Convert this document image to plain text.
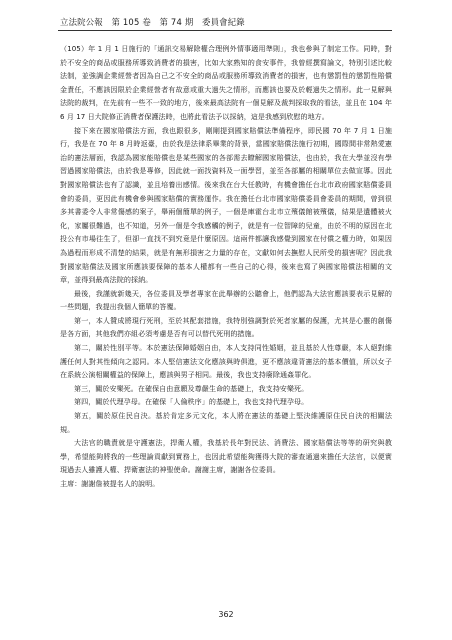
立法院公報　第 105 卷　第 74 期　委員會紀錄

（105）年 1 月 1 日施行的「通訊交易解除權合理例外情事適用準則」，我也參與了制定工作。同時，對於不安全的商品或服務所導致消費者的損害，比如大家熟知的食安事件，我曾經撰寫論文，特別引述比較法制，並強調企業經營者因為自己之不安全的商品或服務所導致消費者的損害，也有懲罰性的懲罰性賠償金責任，不應該因限於企業經營者有故意或重大過失之情形，而應該也要及於輕過失之情形。此一見解與法院的裁判，在先前有一些不一致的地方，後來最高法院有一個見解及裁判採取我的看法，並且在 104 年 6 月 17 日大院修正消費者保護法時，也將此看法予以採納，這是我感到欣慰的地方。

接下來在國家賠償法方面，我也跟很多，剛剛提到國家賠償法準備程序，即民國 70 年 7 月 1 日施行，我是在 70 年 8 月時返臺，由於我是法律系畢業的背景，當國家賠償法施行初期，國際間非常熱愛憲治的憲法層面，我認為國家能賠償也是某些國家的各部需去瞭解國家賠償法，也由於，我在大學並沒有學習過國家賠償法，由於我是專修，因此就一面找資料及一面學習，並至各部屬的相關單位去做宣導。因此對國家賠償法也有了認識，並且培養出感情。後來我在台大任教時，有機會擔任台北市政府國家賠償委員會的委員，更因此有機會參與國家賠償的實務運作。我在擔任台北市國家賠償委員會委員的期間，曾到很多其書委令人非常傷感的案子，舉兩個簡單的例子，一個是庫霍台北市立殯儀館被殯儀，結果是遺體被火化，家屬很難過，也不知道，另外一個是令我感觸的例子，就是有一位智障的兒童，由於不明的原因在北投公有市場往生了，但卻一直找不到究竟是什麼原因。這兩件都讓我感覺到國家在付償之權力時，如果因為過程而形成不清楚的結果，就是有無形損害之力量的存在，文獻如何去撫慰人民所受的損害呢？因此我對國家賠償法及國家所應該要保障的基本人權都有一些自己的心得，後來也寫了與國家賠償法相關的文章，並得到最高法院的採納。

最後，我謹就新幾天，各位委員及學者專家在此舉辦的公聽會上，他們認為大法官應該要表示見解的一些問題，我提出我個人簡單的答覆。

第一，本人贊成將現行死刑，至於其配套措施，我特別強調對於死者家屬的保護，尤其是心靈的創傷是各方面，其他我們亦組必須考慮是否有可以替代死刑的措施。

第二，關於性別平等。本於憲法保障婚姻自由，本人支持同性婚姻，並且基於人性尊嚴，本人絕對維護任何人對其性傾向之認同。本人堅信憲法文化應該與時俱進，更不應該違背憲法的基本價值，所以女子在系統公演相關權益的保障上，應該與男子相同。最後，我也支持廢除通姦罪化。

第三，關於安樂死。在確保自由意願及尊嚴生命的基礎上，我支持安樂死。

第四，關於代理孕母。在確保「人倫秩序」的基礎上，我也支持代理孕母。

第五，關於原住民自決。基於肯定多元文化，本人將在憲法的基礎上堅決維護原住民自決的相關法規。

大法官的職責就是守護憲法，捍衛人權，我基於長年對民法、消費法、國家賠償法等等的研究與教學，希望能夠將我的一些理論貢獻到實務上，也因此希望能夠獲得大院的審查通過來擔任大法官，以便實現過去人雖護人權、捍衛憲法的神聖使命。謝謝主席，謝謝各位委員。

主席：謝謝詹被提名人的說明。

362
